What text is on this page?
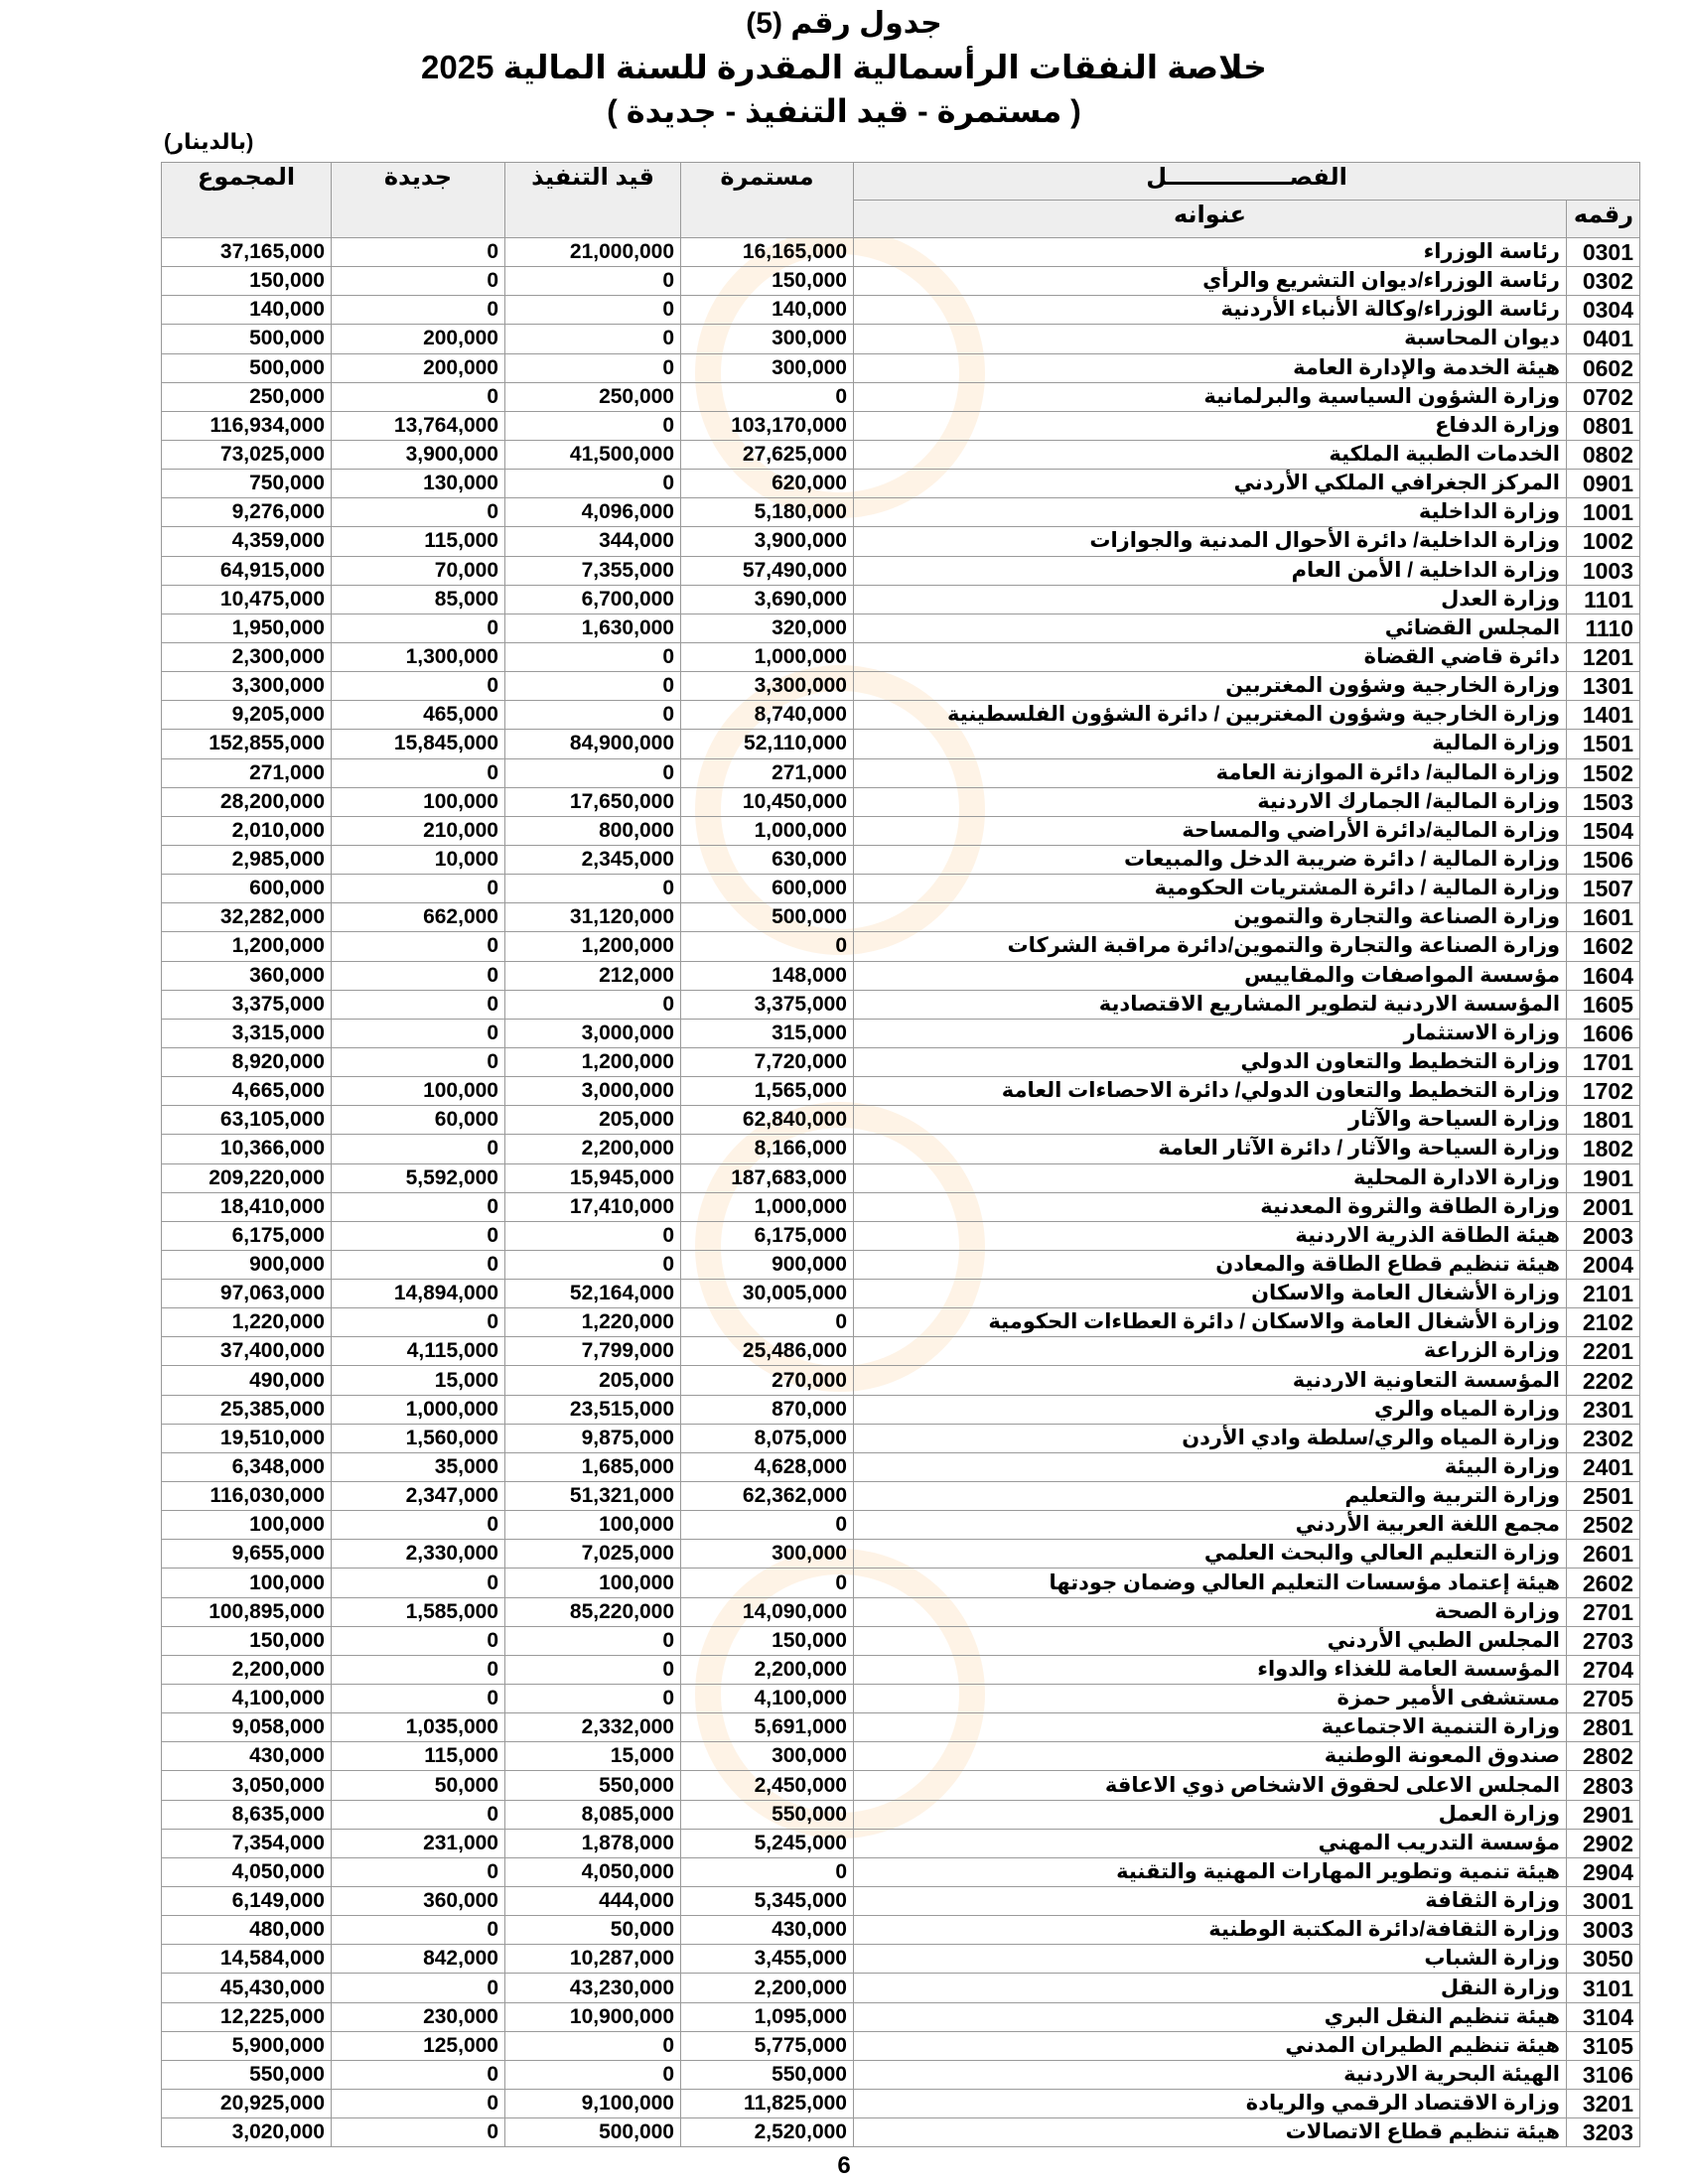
جدول رقم (5)
خلاصة النفقات الرأسمالية المقدرة للسنة المالية 2025
( مستمرة - قيد التنفيذ - جديدة )
(بالدينار)
الفصـــــــــــــــل		مستمرة	قيد التنفيذ	جديدة	المجموع
رقمه	عنوانه				
0301	رئاسة الوزراء	16,165,000	21,000,000	0	37,165,000
0302	رئاسة الوزراء/ديوان التشريع والرأي	150,000	0	0	150,000
0304	رئاسة الوزراء/وكالة الأنباء الأردنية	140,000	0	0	140,000
0401	ديوان المحاسبة	300,000	0	200,000	500,000
0602	هيئة الخدمة والإدارة العامة	300,000	0	200,000	500,000
0702	وزارة الشؤون السياسية والبرلمانية	0	250,000	0	250,000
0801	وزارة الدفاع	103,170,000	0	13,764,000	116,934,000
0802	الخدمات الطبية الملكية	27,625,000	41,500,000	3,900,000	73,025,000
0901	المركز الجغرافي الملكي الأردني	620,000	0	130,000	750,000
1001	وزارة الداخلية	5,180,000	4,096,000	0	9,276,000
1002	وزارة الداخلية/ دائرة الأحوال المدنية والجوازات	3,900,000	344,000	115,000	4,359,000
1003	وزارة الداخلية / الأمن العام	57,490,000	7,355,000	70,000	64,915,000
1101	وزارة العدل	3,690,000	6,700,000	85,000	10,475,000
1110	المجلس القضائي	320,000	1,630,000	0	1,950,000
1201	دائرة قاضي القضاة	1,000,000	0	1,300,000	2,300,000
1301	وزارة الخارجية وشؤون المغتربين	3,300,000	0	0	3,300,000
1401	وزارة الخارجية وشؤون المغتربين / دائرة الشؤون الفلسطينية	8,740,000	0	465,000	9,205,000
1501	وزارة المالية	52,110,000	84,900,000	15,845,000	152,855,000
1502	وزارة المالية/ دائرة الموازنة العامة	271,000	0	0	271,000
1503	وزارة المالية/ الجمارك الاردنية	10,450,000	17,650,000	100,000	28,200,000
1504	وزارة المالية/دائرة الأراضي والمساحة	1,000,000	800,000	210,000	2,010,000
1506	وزارة المالية / دائرة ضريبة الدخل والمبيعات	630,000	2,345,000	10,000	2,985,000
1507	وزارة المالية / دائرة المشتريات الحكومية	600,000	0	0	600,000
1601	وزارة الصناعة والتجارة والتموين	500,000	31,120,000	662,000	32,282,000
1602	وزارة الصناعة والتجارة والتموين/دائرة مراقبة الشركات	0	1,200,000	0	1,200,000
1604	مؤسسة المواصفات والمقاييس	148,000	212,000	0	360,000
1605	المؤسسة الاردنية لتطوير المشاريع الاقتصادية	3,375,000	0	0	3,375,000
1606	وزارة الاستثمار	315,000	3,000,000	0	3,315,000
1701	وزارة التخطيط والتعاون الدولي	7,720,000	1,200,000	0	8,920,000
1702	وزارة التخطيط والتعاون الدولي/ دائرة الاحصاءات العامة	1,565,000	3,000,000	100,000	4,665,000
1801	وزارة السياحة والآثار	62,840,000	205,000	60,000	63,105,000
1802	وزارة السياحة والآثار / دائرة الآثار العامة	8,166,000	2,200,000	0	10,366,000
1901	وزارة الادارة المحلية	187,683,000	15,945,000	5,592,000	209,220,000
2001	وزارة الطاقة والثروة المعدنية	1,000,000	17,410,000	0	18,410,000
2003	هيئة الطاقة الذرية الاردنية	6,175,000	0	0	6,175,000
2004	هيئة تنظيم قطاع الطاقة والمعادن	900,000	0	0	900,000
2101	وزارة الأشغال العامة والاسكان	30,005,000	52,164,000	14,894,000	97,063,000
2102	وزارة الأشغال العامة والاسكان / دائرة العطاءات الحكومية	0	1,220,000	0	1,220,000
2201	وزارة الزراعة	25,486,000	7,799,000	4,115,000	37,400,000
2202	المؤسسة التعاونية الاردنية	270,000	205,000	15,000	490,000
2301	وزارة المياه والري	870,000	23,515,000	1,000,000	25,385,000
2302	وزارة المياه والري/سلطة وادي الأردن	8,075,000	9,875,000	1,560,000	19,510,000
2401	وزارة البيئة	4,628,000	1,685,000	35,000	6,348,000
2501	وزارة التربية والتعليم	62,362,000	51,321,000	2,347,000	116,030,000
2502	مجمع اللغة العربية الأردني	0	100,000	0	100,000
2601	وزارة التعليم العالي والبحث العلمي	300,000	7,025,000	2,330,000	9,655,000
2602	هيئة إعتماد مؤسسات التعليم العالي وضمان جودتها	0	100,000	0	100,000
2701	وزارة الصحة	14,090,000	85,220,000	1,585,000	100,895,000
2703	المجلس الطبي الأردني	150,000	0	0	150,000
2704	المؤسسة العامة للغذاء والدواء	2,200,000	0	0	2,200,000
2705	مستشفى الأمير حمزة	4,100,000	0	0	4,100,000
2801	وزارة التنمية الاجتماعية	5,691,000	2,332,000	1,035,000	9,058,000
2802	صندوق المعونة الوطنية	300,000	15,000	115,000	430,000
2803	المجلس الاعلى لحقوق الاشخاص ذوي الاعاقة	2,450,000	550,000	50,000	3,050,000
2901	وزارة العمل	550,000	8,085,000	0	8,635,000
2902	مؤسسة التدريب المهني	5,245,000	1,878,000	231,000	7,354,000
2904	هيئة تنمية وتطوير المهارات المهنية والتقنية	0	4,050,000	0	4,050,000
3001	وزارة الثقافة	5,345,000	444,000	360,000	6,149,000
3003	وزارة الثقافة/دائرة المكتبة الوطنية	430,000	50,000	0	480,000
3050	وزارة الشباب	3,455,000	10,287,000	842,000	14,584,000
3101	وزارة النقل	2,200,000	43,230,000	0	45,430,000
3104	هيئة تنظيم النقل البري	1,095,000	10,900,000	230,000	12,225,000
3105	هيئة تنظيم الطيران المدني	5,775,000	0	125,000	5,900,000
3106	الهيئة البحرية الاردنية	550,000	0	0	550,000
3201	وزارة الاقتصاد الرقمي والريادة	11,825,000	9,100,000	0	20,925,000
3203	هيئة تنظيم قطاع الاتصالات	2,520,000	500,000	0	3,020,000
6
